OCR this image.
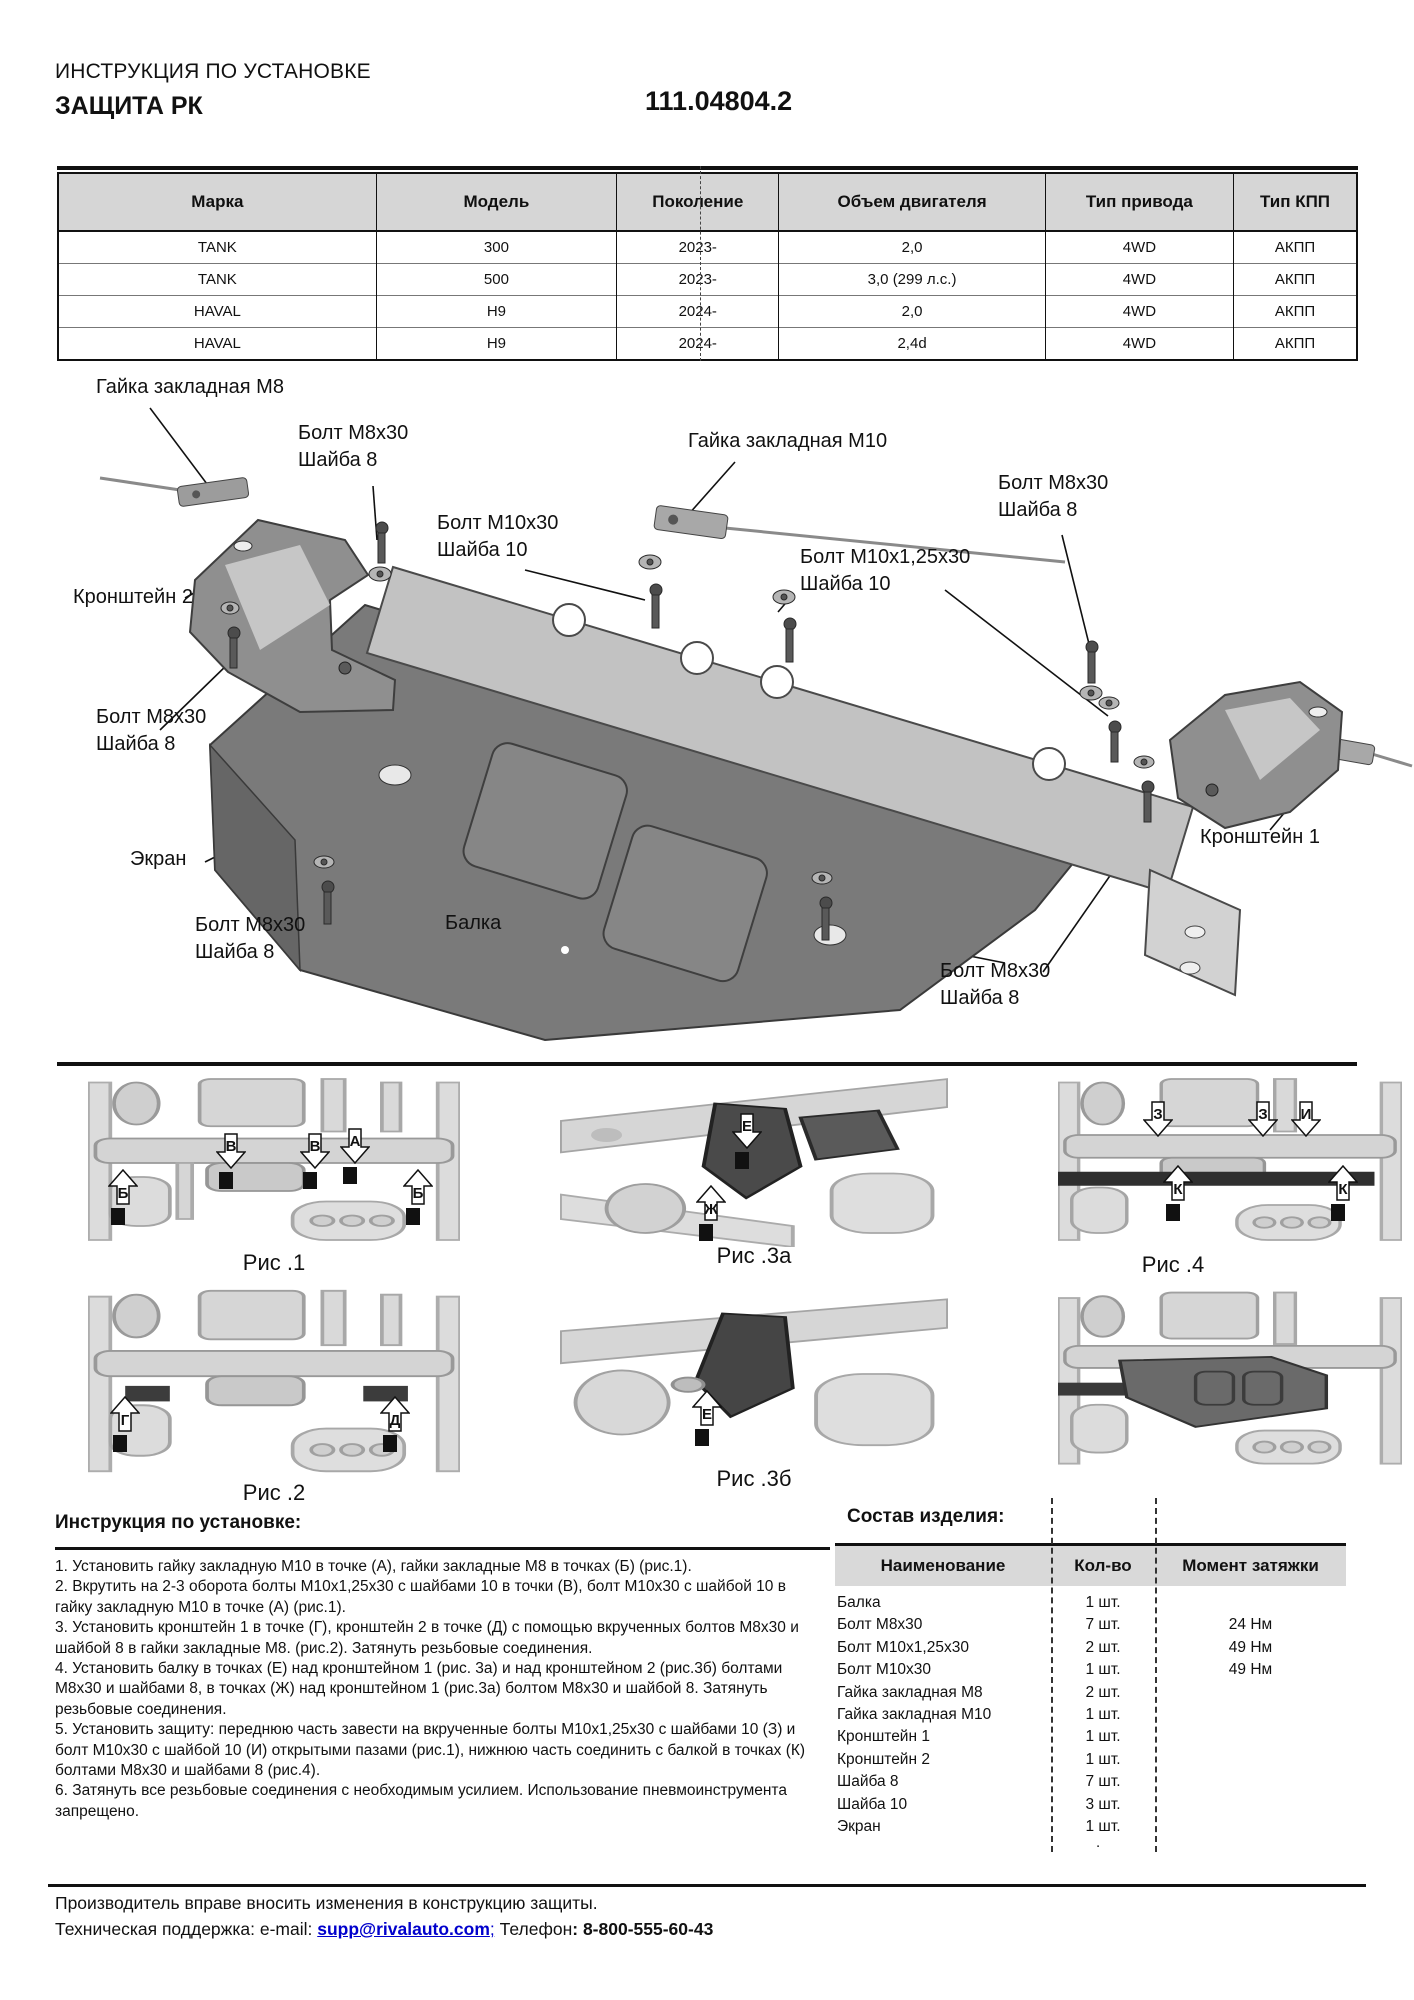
ИНСТРУКЦИЯ ПО УСТАНОВКЕ
ЗАЩИТА РК	111.04804.2
Марка	Модель	Поколение	Объем двигателя	Тип привода	Тип КПП
TANK	300	2023-	2,0	4WD	АКПП
TANK	500	2023-	3,0 (299 л.с.)	4WD	АКПП
HAVAL	H9	2024-	2,0	4WD	АКПП
HAVAL	H9	2024-	2,4d	4WD	АКПП
Гайка закладная М8
Болт М8х30
Шайба 8
Гайка закладная М10
Болт М8х30
Шайба 8
Болт М10х30
Шайба 10	Болт М10х1,25х30
Шайба 10
Кронштейн 2
Болт М8х30
Шайба 8
Кронштейн 1
Экран
Болт М8х30
Шайба 8
Балка
Болт М8х30
Шайба 8
В	В	А
Б	Б
Рис .1
Е
Ж
Рис .3а
З	З	И
К	К
Рис .4
Г	Д
Рис .2
Е
Рис .3б
Инструкция по установке:

1. Установить гайку закладную М10 в точке (А), гайки закладные М8 в точках (Б) (рис.1).

2. Вкрутить на 2-3 оборота болты М10х1,25х30 с шайбами 10 в точки (В), болт М10х30 с шайбой 10 в гайку закладную М10 в точке (А) (рис.1).

3. Установить кронштейн 1 в точке (Г), кронштейн 2 в точке (Д) с помощью вкрученных болтов М8х30 и шайбой 8 в гайки закладные М8. (рис.2). Затянуть резьбовые соединения.

4. Установить балку в точках (Е) над кронштейном 1 (рис. 3а) и над кронштейном 2 (рис.3б) болтами М8х30 и шайбами 8, в точках (Ж) над кронштейном 1 (рис.3а) болтом М8х30 и шайбой 8. Затянуть резьбовые соединения.

5. Установить защиту: переднюю часть завести на вкрученные болты М10х1,25х30 с шайбами 10 (З) и болт М10х30 с шайбой 10 (И) открытыми пазами (рис.1), нижнюю часть соединить с балкой в точках (К) болтами М8х30 и шайбами 8 (рис.4).

6. Затянуть все резьбовые соединения с необходимым усилием. Использование пневмоинструмента запрещено.

Состав изделия:
Наименование	Кол-во	Момент затяжки
Балка	1 шт.
Болт М8х30	7 шт.	24 Нм
Болт М10х1,25х30	2 шт.	49 Нм
Болт М10х30	1 шт.	49 Нм
Гайка закладная М8	2 шт.
Гайка закладная М10	1 шт.
Кронштейн 1	1 шт.
Кронштейн 2	1 шт.
Шайба 8	7 шт.
Шайба 10	3 шт.
Экран	1 шт.
.
Производитель вправе вносить изменения в конструкцию защиты.
Техническая поддержка: e-mail: supp@rivalauto.com; Телефон: 8-800-555-60-43
